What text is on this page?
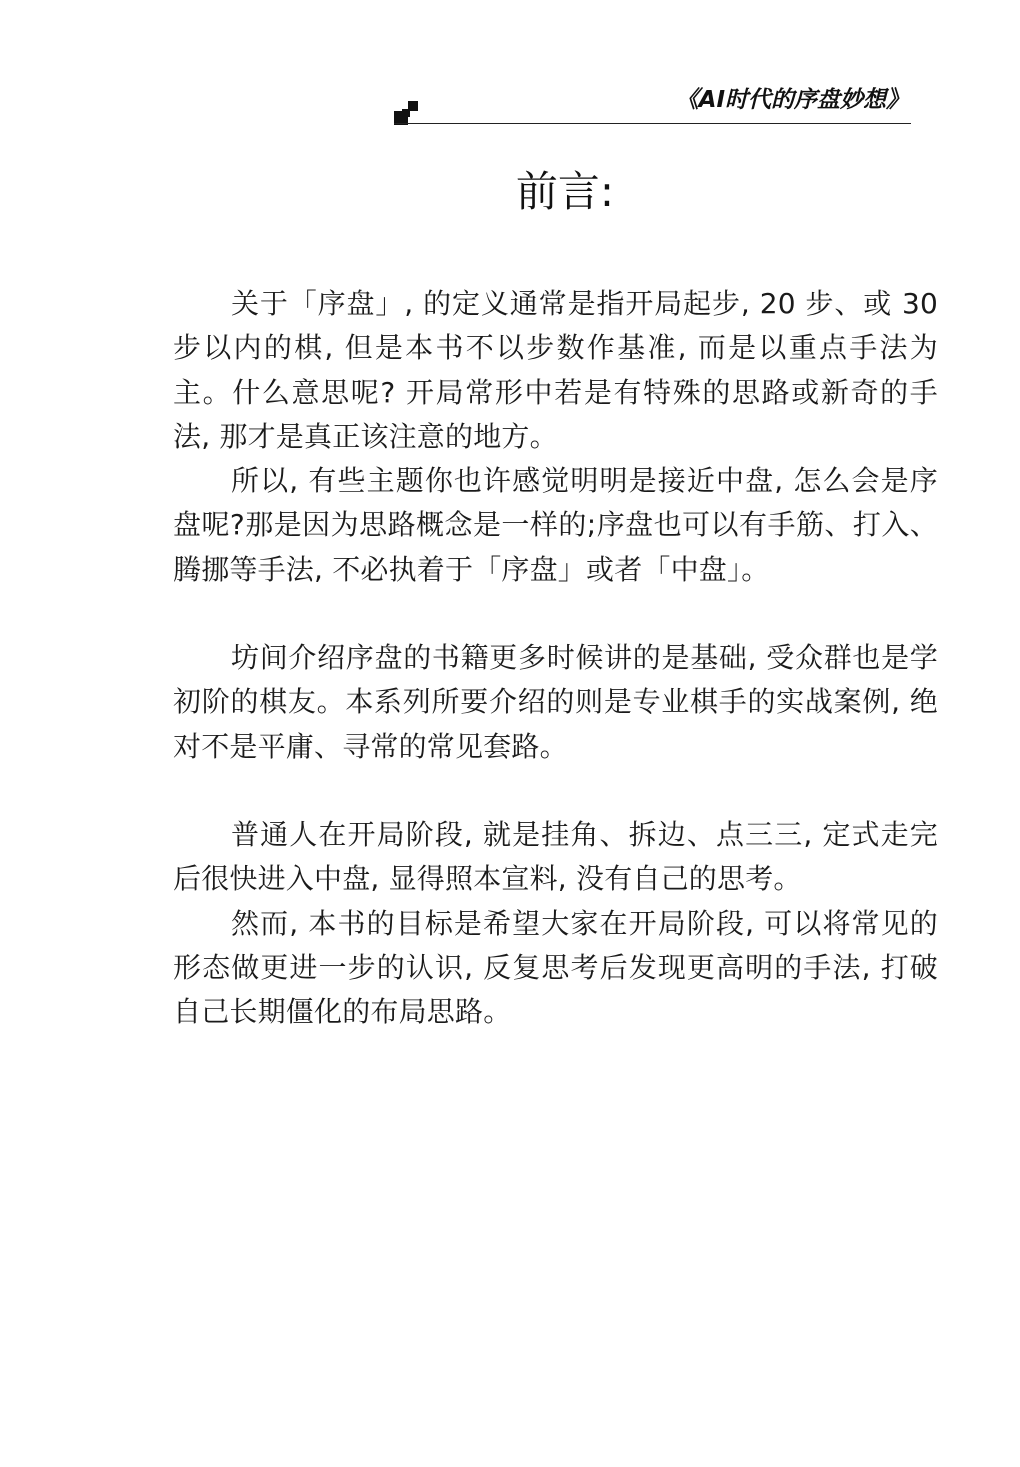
《AI时代的序盘妙想》
前言:

关于「序盘」, 的定义通常是指开局起步, 20 步、或 30 步以内的棋, 但是本书不以步数作基准, 而是以重点手法为主。什么意思呢? 开局常形中若是有特殊的思路或新奇的手法, 那才是真正该注意的地方。

所以, 有些主题你也许感觉明明是接近中盘, 怎么会是序盘呢?那是因为思路概念是一样的;序盘也可以有手筋、打入、腾挪等手法, 不必执着于「序盘」或者「中盘」。

坊间介绍序盘的书籍更多时候讲的是基础, 受众群也是学初阶的棋友。本系列所要介绍的则是专业棋手的实战案例, 绝对不是平庸、寻常的常见套路。

普通人在开局阶段, 就是挂角、拆边、点三三, 定式走完后很快进入中盘, 显得照本宣料, 没有自己的思考。

然而, 本书的目标是希望大家在开局阶段, 可以将常见的形态做更进一步的认识, 反复思考后发现更高明的手法, 打破自己长期僵化的布局思路。
